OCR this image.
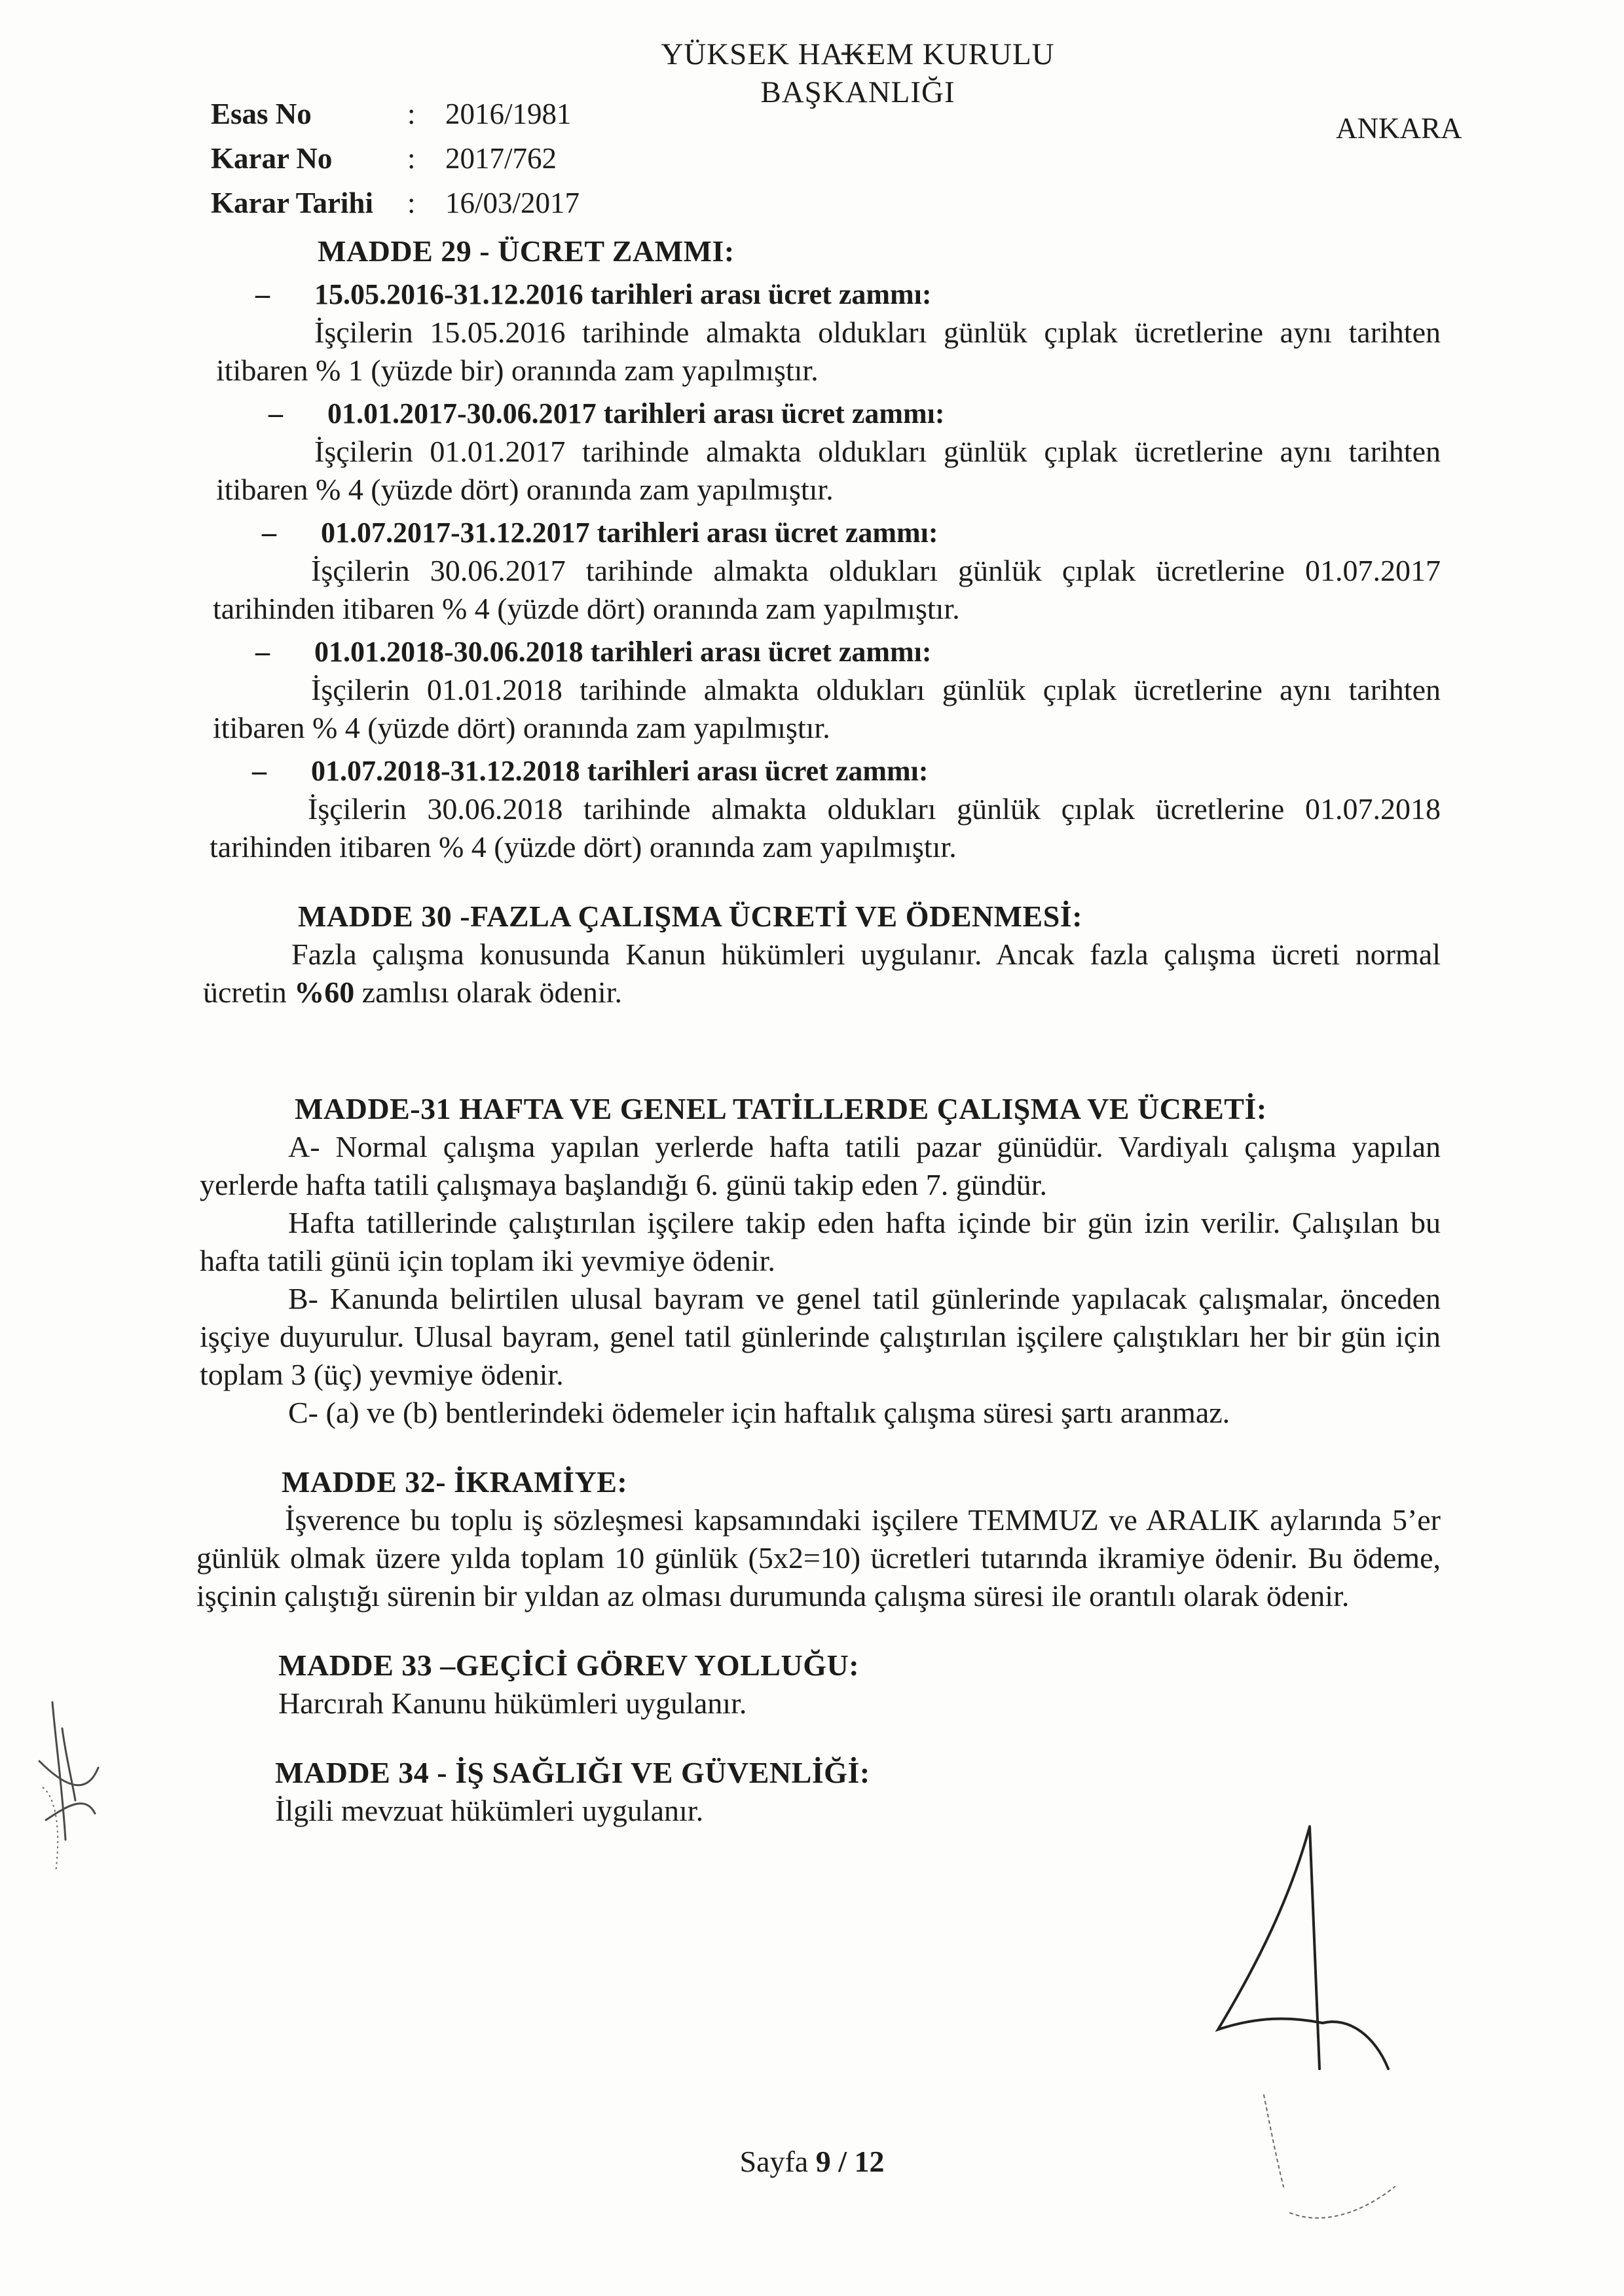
YÜKSEK HAKEM KURULU
BAŞKANLIĞI
Esas No	:	2016/1981
Karar No	:	2017/762
Karar Tarihi	:	16/03/2017
ANKARA
MADDE 29 - ÜCRET ZAMMI:
–	15.05.2016-31.12.2016 tarihleri arası ücret zammı:
İşçilerin 15.05.2016 tarihinde almakta oldukları günlük çıplak ücretlerine aynı tarihten itibaren % 1 (yüzde bir) oranında zam yapılmıştır.
–	01.01.2017-30.06.2017 tarihleri arası ücret zammı:
İşçilerin 01.01.2017 tarihinde almakta oldukları günlük çıplak ücretlerine aynı tarihten itibaren % 4 (yüzde dört) oranında zam yapılmıştır.
–	01.07.2017-31.12.2017 tarihleri arası ücret zammı:
İşçilerin 30.06.2017 tarihinde almakta oldukları günlük çıplak ücretlerine 01.07.2017 tarihinden itibaren % 4 (yüzde dört) oranında zam yapılmıştır.
–	01.01.2018-30.06.2018 tarihleri arası ücret zammı:
İşçilerin 01.01.2018 tarihinde almakta oldukları günlük çıplak ücretlerine aynı tarihten itibaren % 4 (yüzde dört) oranında zam yapılmıştır.
–	01.07.2018-31.12.2018 tarihleri arası ücret zammı:
İşçilerin 30.06.2018 tarihinde almakta oldukları günlük çıplak ücretlerine 01.07.2018 tarihinden itibaren % 4 (yüzde dört) oranında zam yapılmıştır.
MADDE 30 -FAZLA ÇALIŞMA ÜCRETİ VE ÖDENMESİ:
Fazla çalışma konusunda Kanun hükümleri uygulanır. Ancak fazla çalışma ücreti normal ücretin %60 zamlısı olarak ödenir.
MADDE-31 HAFTA VE GENEL TATİLLERDE ÇALIŞMA VE ÜCRETİ:
A- Normal çalışma yapılan yerlerde hafta tatili pazar günüdür. Vardiyalı çalışma yapılan yerlerde hafta tatili çalışmaya başlandığı 6. günü takip eden 7. gündür.
Hafta tatillerinde çalıştırılan işçilere takip eden hafta içinde bir gün izin verilir. Çalışılan bu hafta tatili günü için toplam iki yevmiye ödenir.
B- Kanunda belirtilen ulusal bayram ve genel tatil günlerinde yapılacak çalışmalar, önceden işçiye duyurulur. Ulusal bayram, genel tatil günlerinde çalıştırılan işçilere çalıştıkları her bir gün için toplam 3 (üç) yevmiye ödenir.
C- (a) ve (b) bentlerindeki ödemeler için haftalık çalışma süresi şartı aranmaz.
MADDE 32- İKRAMİYE:
İşverence bu toplu iş sözleşmesi kapsamındaki işçilere TEMMUZ ve ARALIK aylarında 5’er günlük olmak üzere yılda toplam 10 günlük (5x2=10) ücretleri tutarında ikramiye ödenir. Bu ödeme, işçinin çalıştığı sürenin bir yıldan az olması durumunda çalışma süresi ile orantılı olarak ödenir.
MADDE 33 –GEÇİCİ GÖREV YOLLUĞU:
Harcırah Kanunu hükümleri uygulanır.
MADDE 34 - İŞ SAĞLIĞI VE GÜVENLİĞİ:
İlgili mevzuat hükümleri uygulanır.
Sayfa 9 / 12
